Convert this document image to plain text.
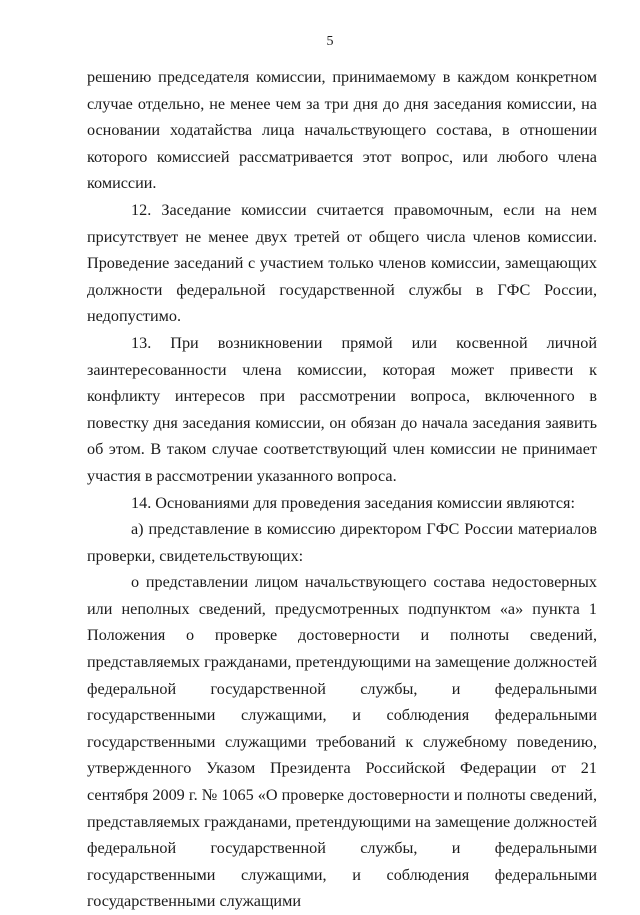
5

решению председателя комиссии, принимаемому в каждом конкретном случае отдельно, не менее чем за три дня до дня заседания комиссии, на основании ходатайства лица начальствующего состава, в отношении которого комиссией рассматривается этот вопрос, или любого члена комиссии.

12. Заседание комиссии считается правомочным, если на нем присутствует не менее двух третей от общего числа членов комиссии. Проведение заседаний с участием только членов комиссии, замещающих должности федеральной государственной службы в ГФС России, недопустимо.

13. При возникновении прямой или косвенной личной заинтересованности члена комиссии, которая может привести к конфликту интересов при рассмотрении вопроса, включенного в повестку дня заседания комиссии, он обязан до начала заседания заявить об этом. В таком случае соответствующий член комиссии не принимает участия в рассмотрении указанного вопроса.

14. Основаниями для проведения заседания комиссии являются:

а) представление в комиссию директором ГФС России материалов проверки, свидетельствующих:

о представлении лицом начальствующего состава недостоверных или неполных сведений, предусмотренных подпунктом «а» пункта 1 Положения о проверке достоверности и полноты сведений, представляемых гражданами, претендующими на замещение должностей федеральной государственной службы, и федеральными государственными служащими, и соблюдения федеральными государственными служащими требований к служебному поведению, утвержденного Указом Президента Российской Федерации от 21 сентября 2009 г. № 1065 «О проверке достоверности и полноты сведений, представляемых гражданами, претендующими на замещение должностей федеральной государственной службы, и федеральными государственными служащими, и соблюдения федеральными государственными служащими
